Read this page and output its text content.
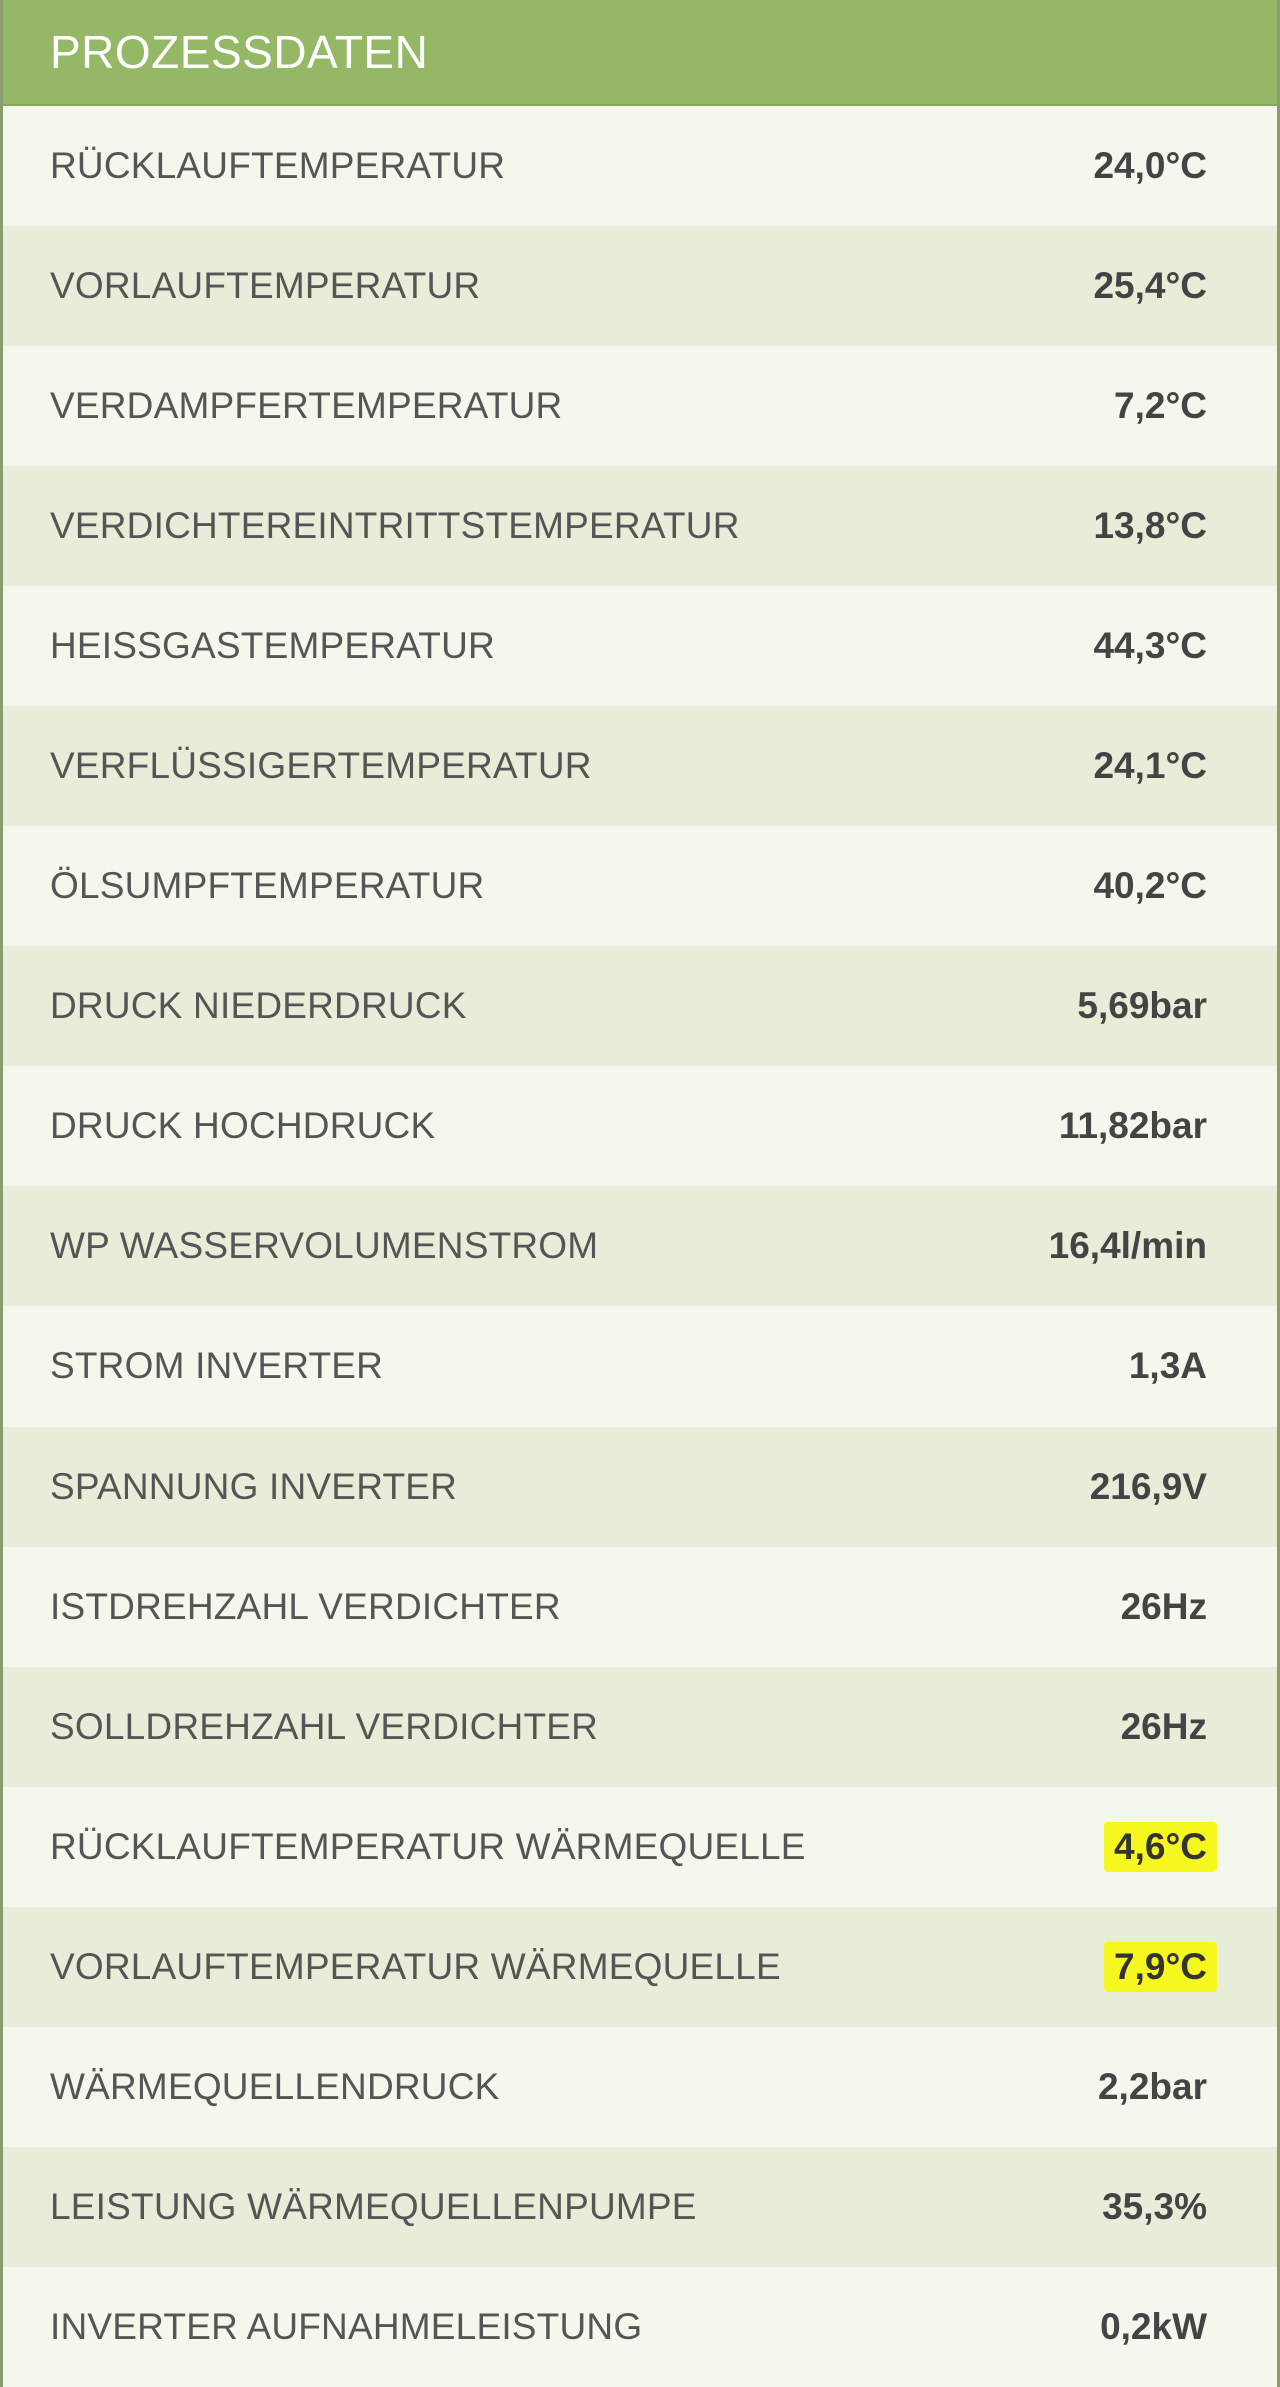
PROZESSDATEN
RÜCKLAUFTEMPERATUR	24,0°C
VORLAUFTEMPERATUR	25,4°C
VERDAMPFERTEMPERATUR	7,2°C
VERDICHTEREINTRITTSTEMPERATUR	13,8°C
HEISSGASTEMPERATUR	44,3°C
VERFLÜSSIGERTEMPERATUR	24,1°C
ÖLSUMPFTEMPERATUR	40,2°C
DRUCK NIEDERDRUCK	5,69bar
DRUCK HOCHDRUCK	11,82bar
WP WASSERVOLUMENSTROM	16,4l/min
STROM INVERTER	1,3A
SPANNUNG INVERTER	216,9V
ISTDREHZAHL VERDICHTER	26Hz
SOLLDREHZAHL VERDICHTER	26Hz
RÜCKLAUFTEMPERATUR WÄRMEQUELLE	4,6°C
VORLAUFTEMPERATUR WÄRMEQUELLE	7,9°C
WÄRMEQUELLENDRUCK	2,2bar
LEISTUNG WÄRMEQUELLENPUMPE	35,3%
INVERTER AUFNAHMELEISTUNG	0,2kW
